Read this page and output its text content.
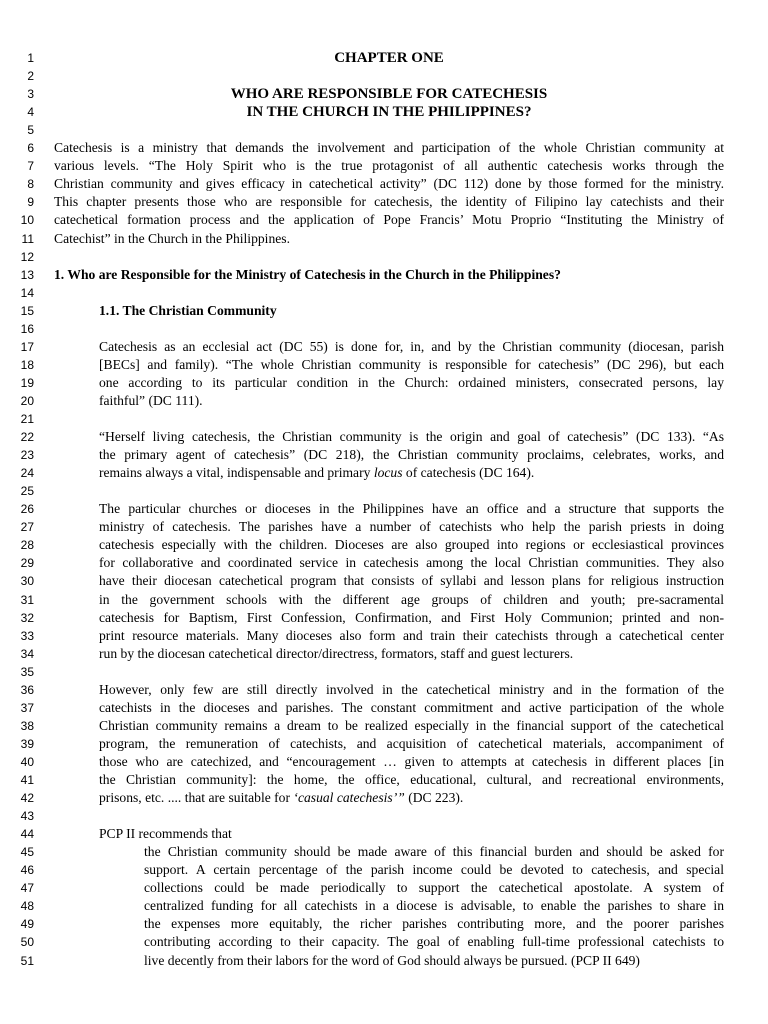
1	CHAPTER ONE
2
3	WHO ARE RESPONSIBLE FOR CATECHESIS
4	IN THE CHURCH IN THE PHILIPPINES?
5
6 Catechesis is a ministry that demands the involvement and participation of the whole Christian community at
7 various levels. “The Holy Spirit who is the true protagonist of all authentic catechesis works through the
8 Christian community and gives efficacy in catechetical activity” (DC 112) done by those formed for the ministry.
9 This chapter presents those who are responsible for catechesis, the identity of Filipino lay catechists and their
10 catechetical formation process and the application of Pope Francis’ Motu Proprio “Instituting the Ministry of
11 Catechist” in the Church in the Philippines.
12
13 1. Who are Responsible for the Ministry of Catechesis in the Church in the Philippines?
14
15	1.1. The Christian Community
16
17	Catechesis as an ecclesial act (DC 55) is done for, in, and by the Christian community (diocesan, parish
18	[BECs] and family). “The whole Christian community is responsible for catechesis” (DC 296), but each
19	one according to its particular condition in the Church: ordained ministers, consecrated persons, lay
20	faithful” (DC 111).
21
22	“Herself living catechesis, the Christian community is the origin and goal of catechesis” (DC 133). “As
23	the primary agent of catechesis” (DC 218), the Christian community proclaims, celebrates, works, and
24	remains always a vital, indispensable and primary locus of catechesis (DC 164).
25
26	The particular churches or dioceses in the Philippines have an office and a structure that supports the
27	ministry of catechesis. The parishes have a number of catechists who help the parish priests in doing
28	catechesis especially with the children. Dioceses are also grouped into regions or ecclesiastical provinces
29	for collaborative and coordinated service in catechesis among the local Christian communities. They also
30	have their diocesan catechetical program that consists of syllabi and lesson plans for religious instruction
31	in the government schools with the different age groups of children and youth; pre-sacramental
32	catechesis for Baptism, First Confession, Confirmation, and First Holy Communion; printed and non-
33	print resource materials. Many dioceses also form and train their catechists through a catechetical center
34	run by the diocesan catechetical director/directress, formators, staff and guest lecturers.
35
36	However, only few are still directly involved in the catechetical ministry and in the formation of the
37	catechists in the dioceses and parishes. The constant commitment and active participation of the whole
38	Christian community remains a dream to be realized especially in the financial support of the catechetical
39	program, the remuneration of catechists, and acquisition of catechetical materials, accompaniment of
40	those who are catechized, and “encouragement … given to attempts at catechesis in different places [in
41	the Christian community]: the home, the office, educational, cultural, and recreational environments,
42	prisons, etc. .... that are suitable for ‘casual catechesis’” (DC 223).
43
44	PCP II recommends that
45	the Christian community should be made aware of this financial burden and should be asked for
46	support. A certain percentage of the parish income could be devoted to catechesis, and special
47	collections could be made periodically to support the catechetical apostolate. A system of
48	centralized funding for all catechists in a diocese is advisable, to enable the parishes to share in
49	the expenses more equitably, the richer parishes contributing more, and the poorer parishes
50	contributing according to their capacity. The goal of enabling full-time professional catechists to
51	live decently from their labors for the word of God should always be pursued. (PCP II 649)
